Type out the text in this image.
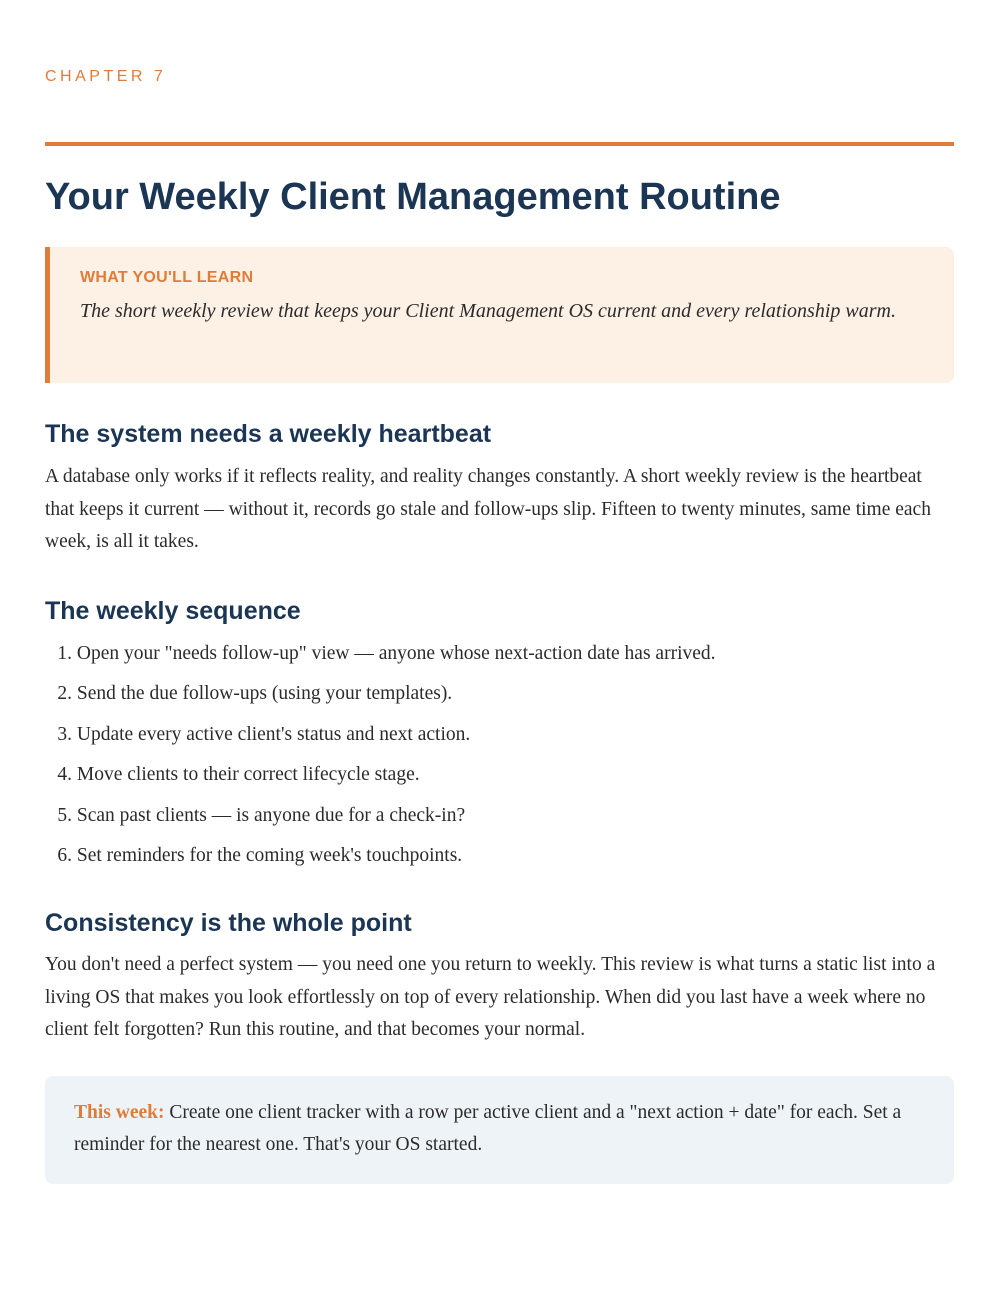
CHAPTER 7
Your Weekly Client Management Routine
WHAT YOU'LL LEARN
The short weekly review that keeps your Client Management OS current and every relationship warm.
The system needs a weekly heartbeat

A database only works if it reflects reality, and reality changes constantly. A short weekly review is the heartbeat that keeps it current — without it, records go stale and follow-ups slip. Fifteen to twenty minutes, same time each week, is all it takes.

The weekly sequence
1. Open your "needs follow-up" view — anyone whose next-action date has arrived.
2. Send the due follow-ups (using your templates).
3. Update every active client's status and next action.
4. Move clients to their correct lifecycle stage.
5. Scan past clients — is anyone due for a check-in?
6. Set reminders for the coming week's touchpoints.
Consistency is the whole point

You don't need a perfect system — you need one you return to weekly. This review is what turns a static list into a living OS that makes you look effortlessly on top of every relationship. When did you last have a week where no client felt forgotten? Run this routine, and that becomes your normal.

This week: Create one client tracker with a row per active client and a "next action + date" for each. Set a reminder for the nearest one. That's your OS started.
